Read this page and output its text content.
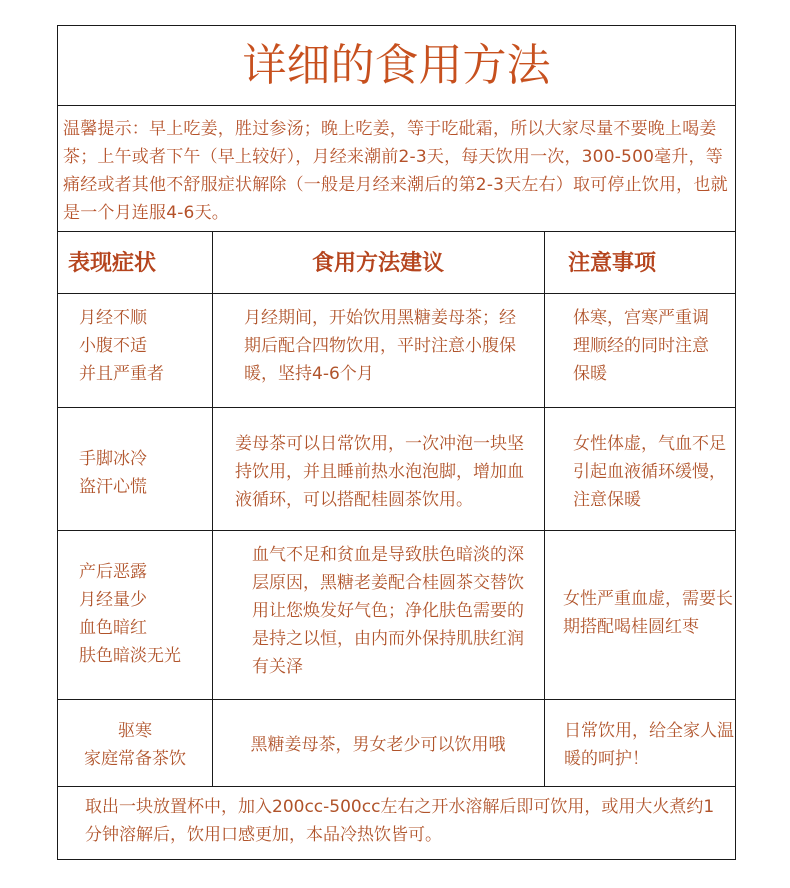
详细的食用方法
温馨提示：早上吃姜，胜过参汤；晚上吃姜，等于吃砒霜，所以大家尽量不要晚上喝姜茶；上午或者下午（早上较好），月经来潮前2-3天，每天饮用一次，300-500毫升，等痛经或者其他不舒服症状解除（一般是月经来潮后的第2-3天左右）取可停止饮用，也就是一个月连服4-6天。
表现症状	食用方法建议	注意事项
月经不顺
小腹不适
并且严重者
月经期间，开始饮用黑糖姜母茶；经期后配合四物饮用，平时注意小腹保暖，坚持4-6个月
体寒，宫寒严重调理顺经的同时注意保暖
手脚冰冷
盗汗心慌
姜母茶可以日常饮用，一次冲泡一块坚持饮用，并且睡前热水泡泡脚，增加血液循环，可以搭配桂圆茶饮用。
女性体虚，气血不足引起血液循环缓慢，注意保暖
产后恶露
月经量少
血色暗红
肤色暗淡无光
血气不足和贫血是导致肤色暗淡的深层原因，黑糖老姜配合桂圆茶交替饮用让您焕发好气色；净化肤色需要的是持之以恒，由内而外保持肌肤红润有关泽
女性严重血虚，需要长期搭配喝桂圆红枣
驱寒
家庭常备茶饮
黑糖姜母茶，男女老少可以饮用哦
日常饮用，给全家人温暖的呵护！
取出一块放置杯中，加入200cc-500cc左右之开水溶解后即可饮用，或用大火煮约1分钟溶解后，饮用口感更加，本品冷热饮皆可。
